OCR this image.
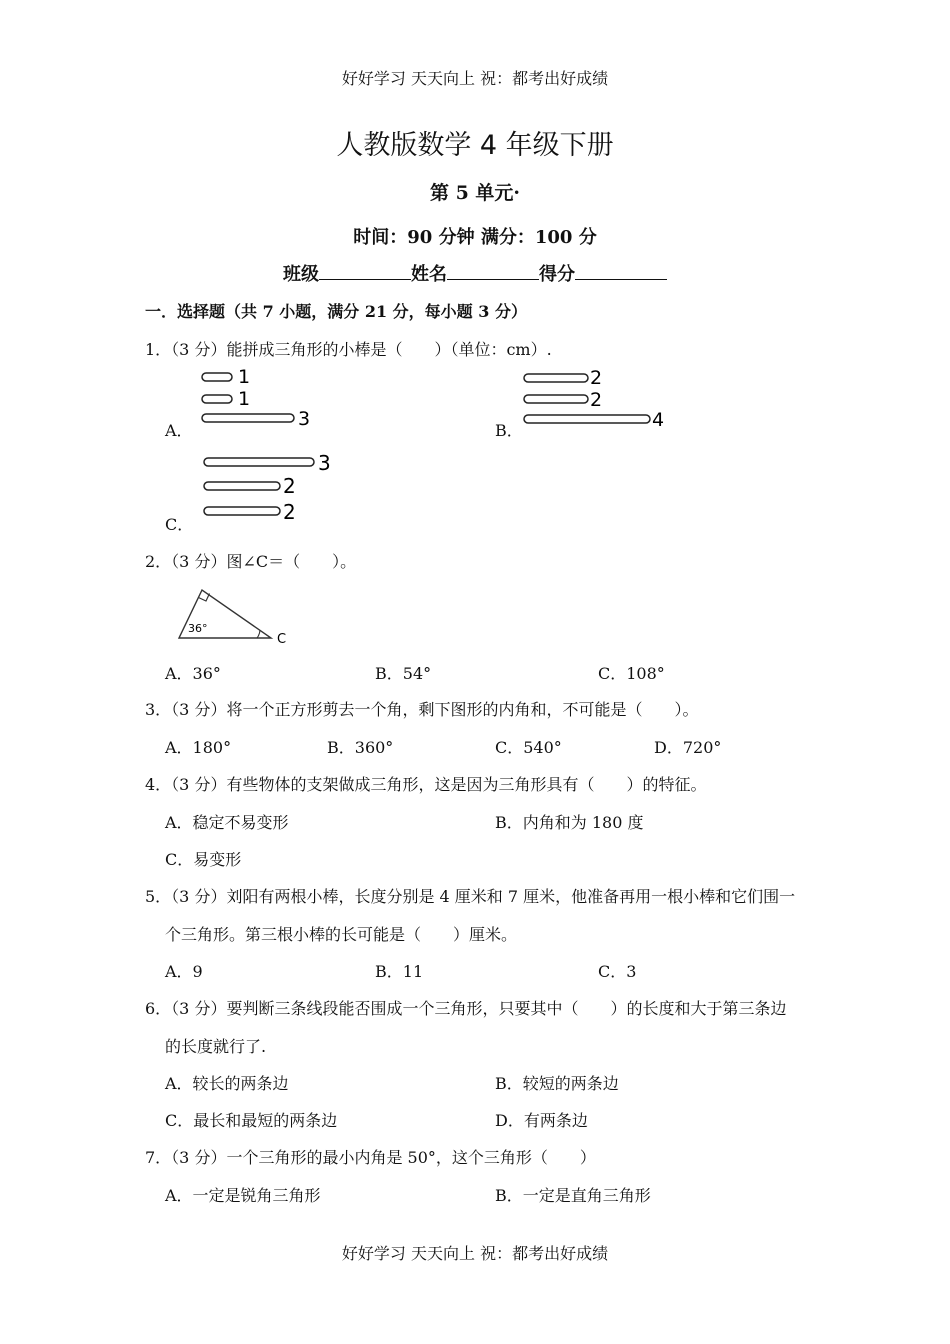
好好学习 天天向上 祝：都考出好成绩
人教版数学 4 年级下册
第 5 单元·
时间：90 分钟 满分：100 分
班级	姓名	得分
一．选择题（共 7 小题，满分 21 分，每小题 3 分）
1．（3 分）能拼成三角形的小棒是（　　）（单位：cm）.
A．
1
1
3
B．
2
2
4
C．
3
2
2
2．（3 分）图∠C＝（　　）。
36°
C
A．36°	B．54°	C．108°
3．（3 分）将一个正方形剪去一个角，剩下图形的内角和，不可能是（　　）。
A．180°	B．360°	C．540°	D．720°
4．（3 分）有些物体的支架做成三角形，这是因为三角形具有（　　）的特征。
A．稳定不易变形	B．内角和为 180 度
C．易变形
5．（3 分）刘阳有两根小棒，长度分别是 4 厘米和 7 厘米，他准备再用一根小棒和它们围一
个三角形。第三根小棒的长可能是（　　）厘米。
A．9	B．11	C．3
6．（3 分）要判断三条线段能否围成一个三角形，只要其中（　　）的长度和大于第三条边
的长度就行了.
A．较长的两条边	B．较短的两条边
C．最长和最短的两条边	D．有两条边
7．（3 分）一个三角形的最小内角是 50°，这个三角形（　　）
A．一定是锐角三角形	B．一定是直角三角形
好好学习 天天向上 祝：都考出好成绩
